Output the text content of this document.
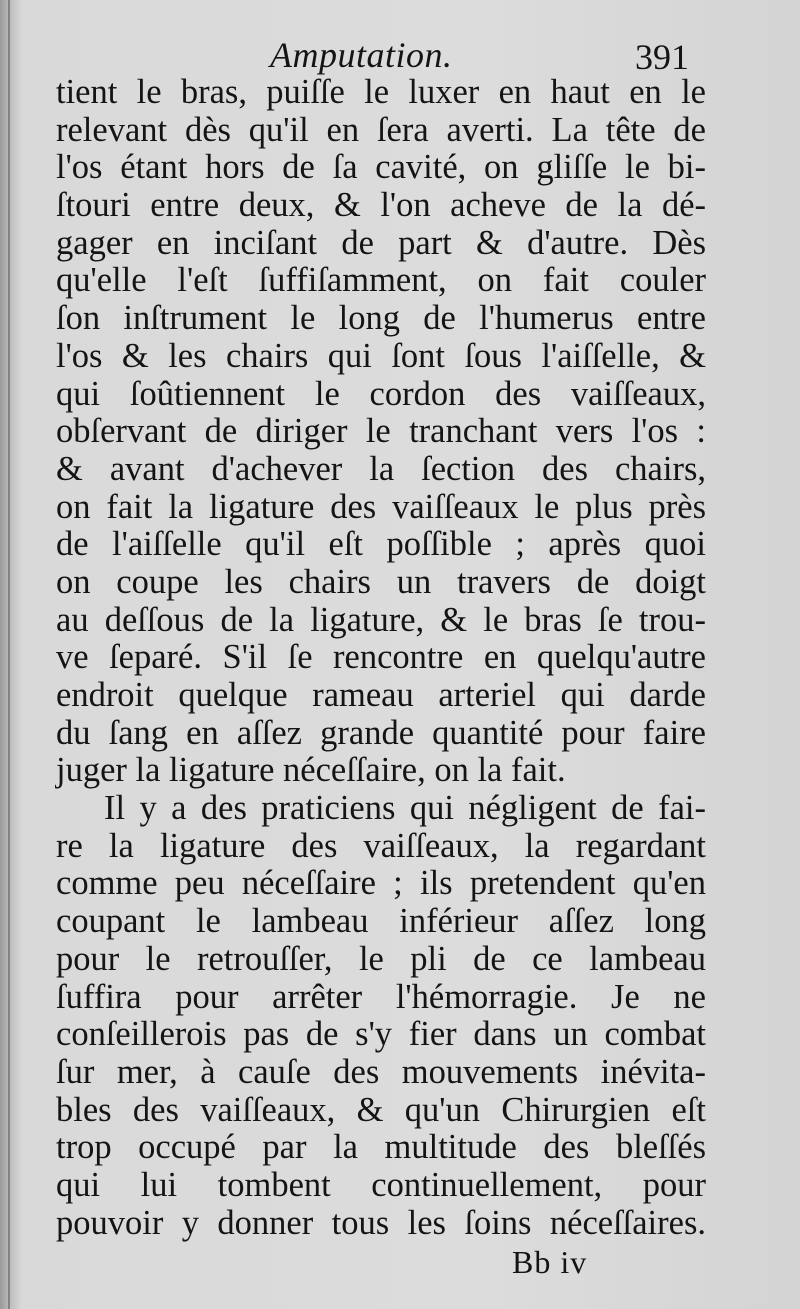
Amputation.	391
tient le bras, puiſſe le luxer en haut en le
relevant dès qu'il en ſera averti. La tête de
l'os étant hors de ſa cavité, on gliſſe le bi-
ſtouri entre deux, & l'on acheve de la dé-
gager en inciſant de part & d'autre. Dès
qu'elle l'eſt ſuffiſamment, on fait couler
ſon inſtrument le long de l'humerus entre
l'os & les chairs qui ſont ſous l'aiſſelle, &
qui ſoûtiennent le cordon des vaiſſeaux,
obſervant de diriger le tranchant vers l'os :
& avant d'achever la ſection des chairs,
on fait la ligature des vaiſſeaux le plus près
de l'aiſſelle qu'il eſt poſſible ; après quoi
on coupe les chairs un travers de doigt
au deſſous de la ligature, & le bras ſe trou-
ve ſeparé. S'il ſe rencontre en quelqu'autre
endroit quelque rameau arteriel qui darde
du ſang en aſſez grande quantité pour faire
juger la ligature néceſſaire, on la fait.
Il y a des praticiens qui négligent de fai-
re la ligature des vaiſſeaux, la regardant
comme peu néceſſaire ; ils pretendent qu'en
coupant le lambeau inférieur aſſez long
pour le retrouſſer, le pli de ce lambeau
ſuffira pour arrêter l'hémorragie. Je ne
conſeillerois pas de s'y fier dans un combat
ſur mer, à cauſe des mouvements inévita-
bles des vaiſſeaux, & qu'un Chirurgien eſt
trop occupé par la multitude des bleſſés
qui lui tombent continuellement, pour
pouvoir y donner tous les ſoins néceſſaires.
Bb iv
